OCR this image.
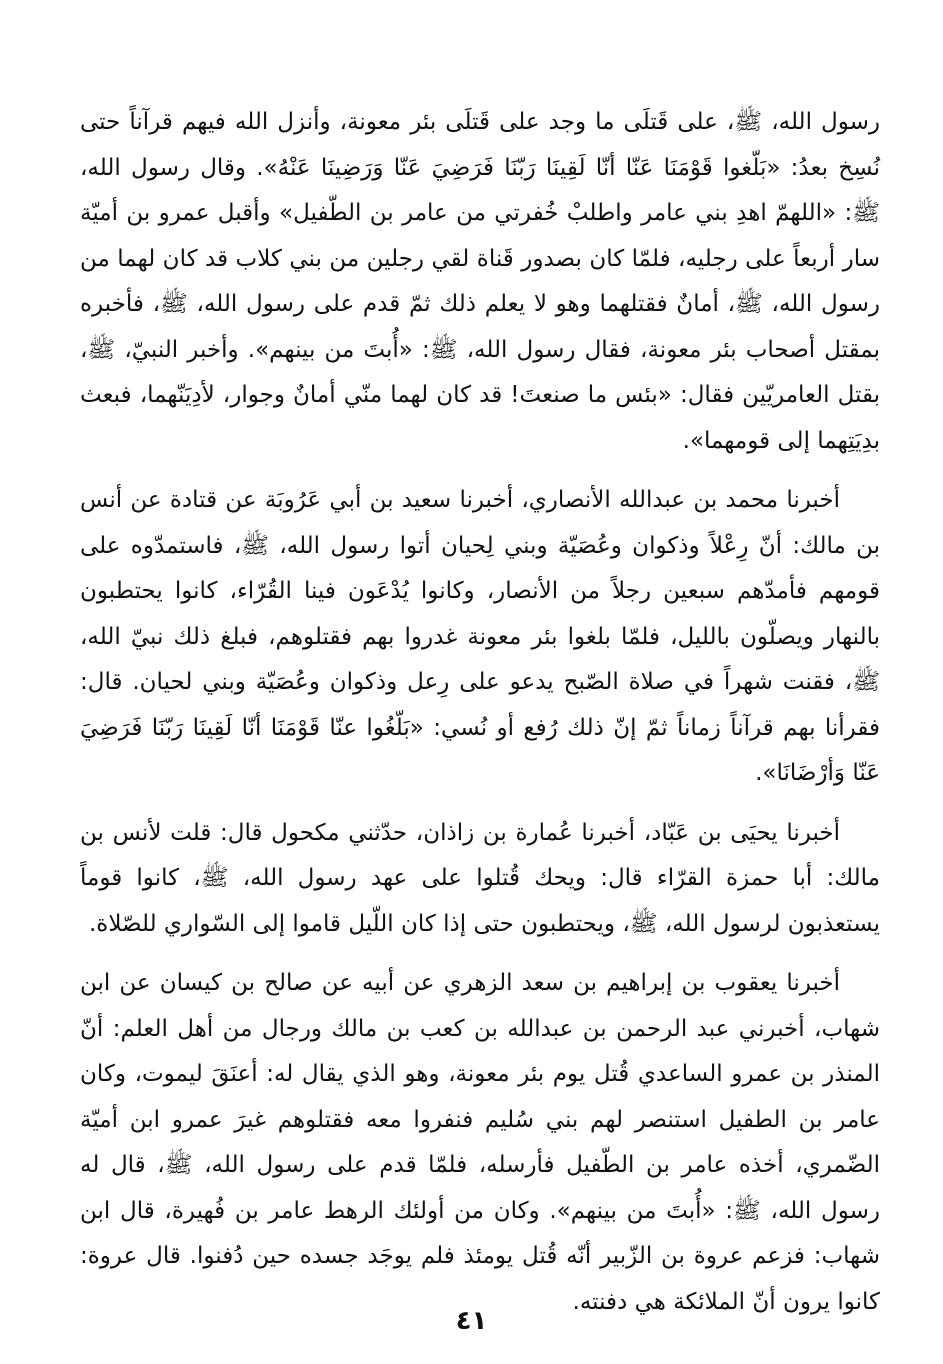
رسول الله، ﷺ، على قَتلَى ما وجد على قَتلَى بئر معونة، وأنزل الله فيهم قرآناً حتى نُسِخ بعدُ: «بَلّغوا قَوْمَنَا عَنّا أنّا لَقِينَا رَبّنَا فَرَضِيَ عَنّا وَرَضِينَا عَنْهُ». وقال رسول الله، ﷺ: «اللهمّ اهدِ بني عامر واطلبْ خُفرتي من عامر بن الطّفيل» وأقبل عمرو بن أميّة سار أربعاً على رجليه، فلمّا كان بصدور قَناة لقي رجلين من بني كلاب قد كان لهما من رسول الله، ﷺ، أمانٌ فقتلهما وهو لا يعلم ذلك ثمّ قدم على رسول الله، ﷺ، فأخبره بمقتل أصحاب بئر معونة، فقال رسول الله، ﷺ: «أُبتَ من بينهم». وأخبر النبيّ، ﷺ، بقتل العامريّين فقال: «بئس ما صنعتَ! قد كان لهما منّي أمانٌ وجوار، لأدِيَنّهما، فبعث بدِيَتِهما إلى قومهما».

أخبرنا محمد بن عبدالله الأنصاري، أخبرنا سعيد بن أبي عَرُوبَة عن قتادة عن أنس بن مالك: أنّ رِعْلاً وذكوان وعُصَيّة وبني لِحيان أتوا رسول الله، ﷺ، فاستمدّوه على قومهم فأمدّهم سبعين رجلاً من الأنصار، وكانوا يُدْعَون فينا القُرّاء، كانوا يحتطبون بالنهار ويصلّون بالليل، فلمّا بلغوا بئر معونة غدروا بهم فقتلوهم، فبلغ ذلك نبيّ الله، ﷺ، فقنت شهراً في صلاة الصّبح يدعو على رِعل وذكوان وعُصَيّة وبني لحيان. قال: فقرأنا بهم قرآناً زماناً ثمّ إنّ ذلك رُفع أو نُسي: «بَلّغُوا عنّا قَوْمَنَا أنّا لَقِينَا رَبّنَا فَرَضِيَ عَنّا وَأرْضَانَا».

أخبرنا يحيَى بن عَبّاد، أخبرنا عُمارة بن زاذان، حدّثني مكحول قال: قلت لأنس بن مالك: أبا حمزة القرّاء قال: ويحك قُتلوا على عهد رسول الله، ﷺ، كانوا قوماً يستعذبون لرسول الله، ﷺ، ويحتطبون حتى إذا كان اللّيل قاموا إلى السّواري للصّلاة.

أخبرنا يعقوب بن إبراهيم بن سعد الزهري عن أبيه عن صالح بن كيسان عن ابن شهاب، أخبرني عبد الرحمن بن عبدالله بن كعب بن مالك ورجال من أهل العلم: أنّ المنذر بن عمرو الساعدي قُتل يوم بئر معونة، وهو الذي يقال له: أعنَقَ ليموت، وكان عامر بن الطفيل استنصر لهم بني سُليم فنفروا معه فقتلوهم غيرَ عمرو ابن أميّة الضّمري، أخذه عامر بن الطّفيل فأرسله، فلمّا قدم على رسول الله، ﷺ، قال له رسول الله، ﷺ: «أُبتَ من بينهم». وكان من أولئك الرهط عامر بن فُهيرة، قال ابن شهاب: فزعم عروة بن الزّبير أنّه قُتل يومئذ فلم يوجَد جسده حين دُفنوا. قال عروة: كانوا يرون أنّ الملائكة هي دفنته.

٤١
